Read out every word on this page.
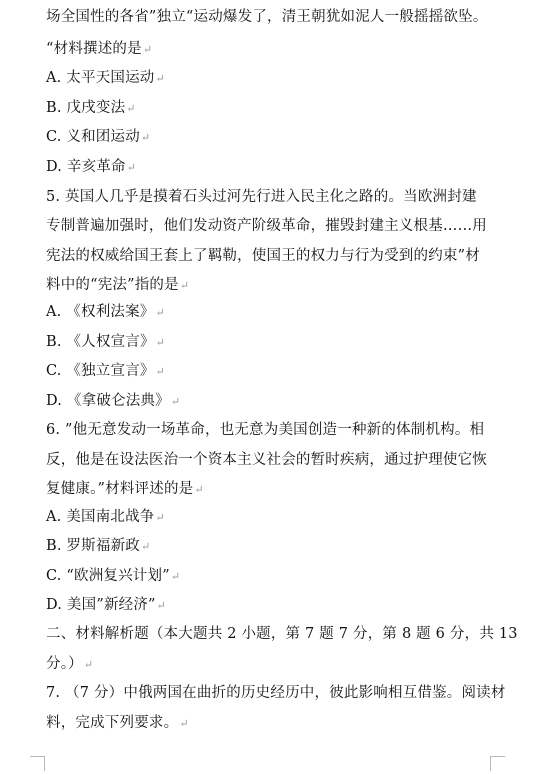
场全国性的各省”独立“运动爆发了，清王朝犹如泥人一般摇摇欲坠。
“材料撰述的是↵
A. 太平天国运动↵
B. 戊戌变法↵
C. 义和团运动↵
D. 辛亥革命↵
5. 英国人几乎是摸着石头过河先行进入民主化之路的。当欧洲封建
专制普遍加强时，他们发动资产阶级革命，摧毁封建主义根基……用
宪法的权威给国王套上了羁勒，使国王的权力与行为受到的约束”材
料中的“宪法”指的是↵
A. 《权利法案》↵
B. 《人权宣言》↵
C. 《独立宣言》↵
D. 《拿破仑法典》↵
6. ”他无意发动一场革命，也无意为美国创造一种新的体制机构。相
反，他是在设法医治一个资本主义社会的暂时疾病，通过护理使它恢
复健康。”材料评述的是↵
A. 美国南北战争↵
B. 罗斯福新政↵
C. “欧洲复兴计划”↵
D. 美国”新经济”↵
二、材料解析题（本大题共 2 小题，第 7 题 7 分，第 8 题 6 分，共 13
分。）↵
7. （7 分）中俄两国在曲折的历史经历中，彼此影响相互借鉴。阅读材
料，完成下列要求。↵
